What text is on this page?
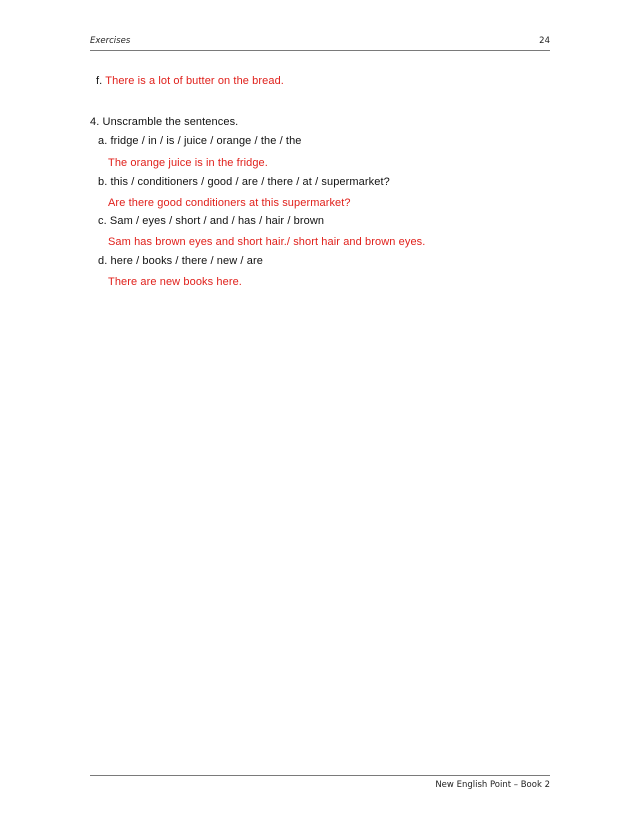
Exercises	24
f. There is a lot of butter on the bread.
4. Unscramble the sentences.
a. fridge / in / is / juice / orange / the / the
The orange juice is in the fridge.
b. this / conditioners / good / are / there / at / supermarket?
Are there good conditioners at this supermarket?
c. Sam / eyes / short / and / has / hair / brown
Sam has brown eyes and short hair./ short hair and brown eyes.
d. here / books / there / new / are
There are new books here.
New English Point – Book 2
